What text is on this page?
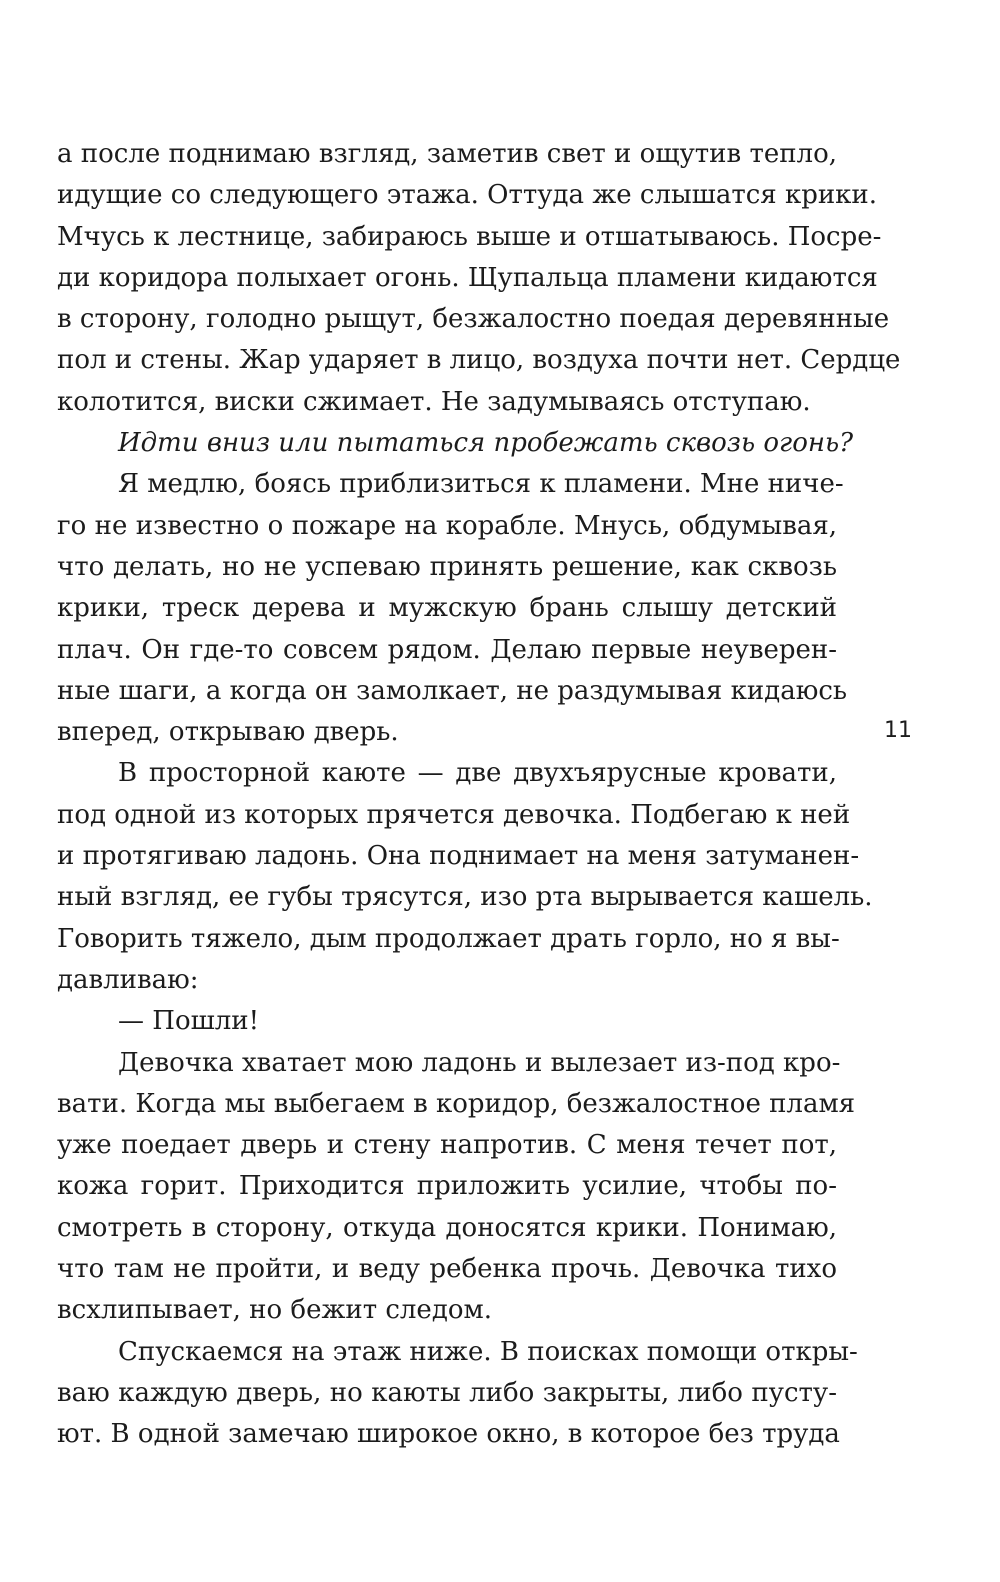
а после поднимаю взгляд, заметив свет и ощутив тепло,
идущие со следующего этажа. Оттуда же слышатся крики.
Мчусь к лестнице, забираюсь выше и отшатываюсь. Посре-
ди коридора полыхает огонь. Щупальца пламени кидаются
в сторону, голодно рыщут, безжалостно поедая деревянные
пол и стены. Жар ударяет в лицо, воздуха почти нет. Сердце
колотится, виски сжимает. Не задумываясь отступаю.
Идти вниз или пытаться пробежать сквозь огонь?
Я медлю, боясь приблизиться к пламени. Мне ниче-
го не известно о пожаре на корабле. Мнусь, обдумывая,
что делать, но не успеваю принять решение, как сквозь
крики, треск дерева и мужскую брань слышу детский
плач. Он где-то совсем рядом. Делаю первые неуверен-
ные шаги, а когда он замолкает, не раздумывая кидаюсь
вперед, открываю дверь.
В просторной каюте — две двухъярусные кровати,
под одной из которых прячется девочка. Подбегаю к ней
и протягиваю ладонь. Она поднимает на меня затуманен-
ный взгляд, ее губы трясутся, изо рта вырывается кашель.
Говорить тяжело, дым продолжает драть горло, но я вы-
давливаю:
— Пошли!
Девочка хватает мою ладонь и вылезает из-под кро-
вати. Когда мы выбегаем в коридор, безжалостное пламя
уже поедает дверь и стену напротив. С меня течет пот,
кожа горит. Приходится приложить усилие, чтобы по-
смотреть в сторону, откуда доносятся крики. Понимаю,
что там не пройти, и веду ребенка прочь. Девочка тихо
всхлипывает, но бежит следом.
Спускаемся на этаж ниже. В поисках помощи откры-
ваю каждую дверь, но каюты либо закрыты, либо пусту-
ют. В одной замечаю широкое окно, в которое без труда
11
